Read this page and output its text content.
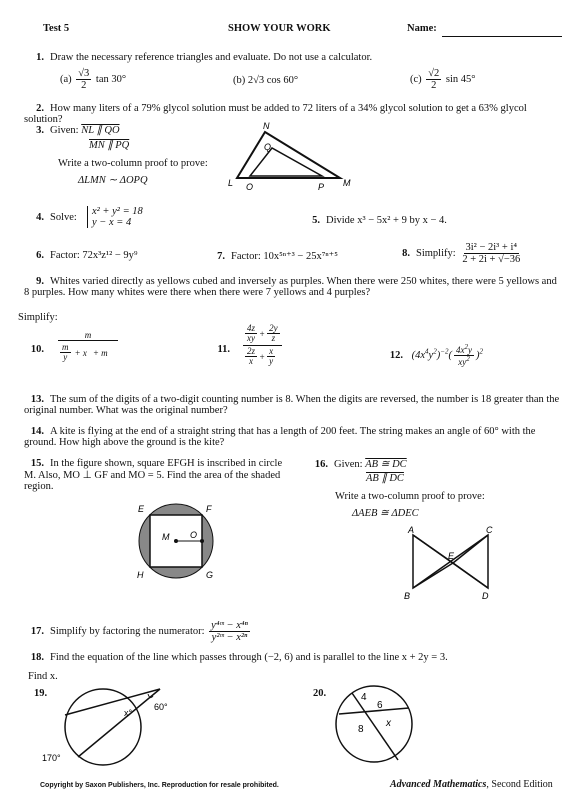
Test 5	SHOW YOUR WORK	Name:
1. Draw the necessary reference triangles and evaluate. Do not use a calculator.
$(a) \frac{√3}{2}$ tan 30°	(b) 2√3 cos 60°	$(c) \frac{√2}{2}$ sin 45°
2. How many liters of a 79% glycol solution must be added to 72 liters of a 34% glycol solution to get a 63% glycol solution?
3. Given: NL ∥ QO
MN ∥ PQ
Write a two-column proof to prove:
ΔLMN ∼ ΔOPQ
N
Q
L O	P M
4. Solve:
x² + y² = 18
y − x = 4	5. Divide x³ − 5x² + 9 by x − 4.
6. Factor: 72x³z¹² − 9y⁹	7. Factor: 10x⁵ⁿ⁺³ − 25x⁷ⁿ⁺⁵	8. Simplify: $\frac{\text{3i² − 2i³ + i⁴}}{2 + 2i + √-36}$
9. Whites varied directly as yellows cubed and inversely as purples. When there were 250 whites, there were 5 yellows and 8 purples. How many whites were there when there were 7 yellows and 4 purples?
Simplify:
10.
m
$\frac{m}{y} + x + m$	11.
$\frac{4z}{xy} + \frac{2y}{z}$
$\frac{2z}{x} + \frac{x}{y}$	12. $(4x^4y^2)^{-2}( \frac{4x^2y}{xy^2} )^2$
13. The sum of the digits of a two-digit counting number is 8. When the digits are reversed, the number is 18 greater than the original number. What was the original number?
14. A kite is flying at the end of a straight string that has a length of 200 feet. The string makes an angle of 60° with the ground. How high above the ground is the kite?
15. In the figure shown, square EFGH is inscribed in circle M. Also, MO ⊥ GF and MO = 5. Find the area of the shaded region.
E	F
G
H
M O
16. Given: AB ≅ DC
AB ∥ DC
Write a two-column proof to prove:
ΔAEB ≅ ΔDEC
A	C
E
B	D
17. Simplify by factoring the numerator: $\frac{\text{y⁴ᵐ − x⁴ⁿ}}{\text{y²ᵐ − x²ⁿ}}$
18. Find the equation of the line which passes through (−2, 6) and is parallel to the line x + 2y = 3.
Find x.
19.
x°
60°
170°
20.	4
6
8
x
Copyright by Saxon Publishers, Inc. Reproduction for resale prohibited.	Advanced Mathematics, Second Edition
